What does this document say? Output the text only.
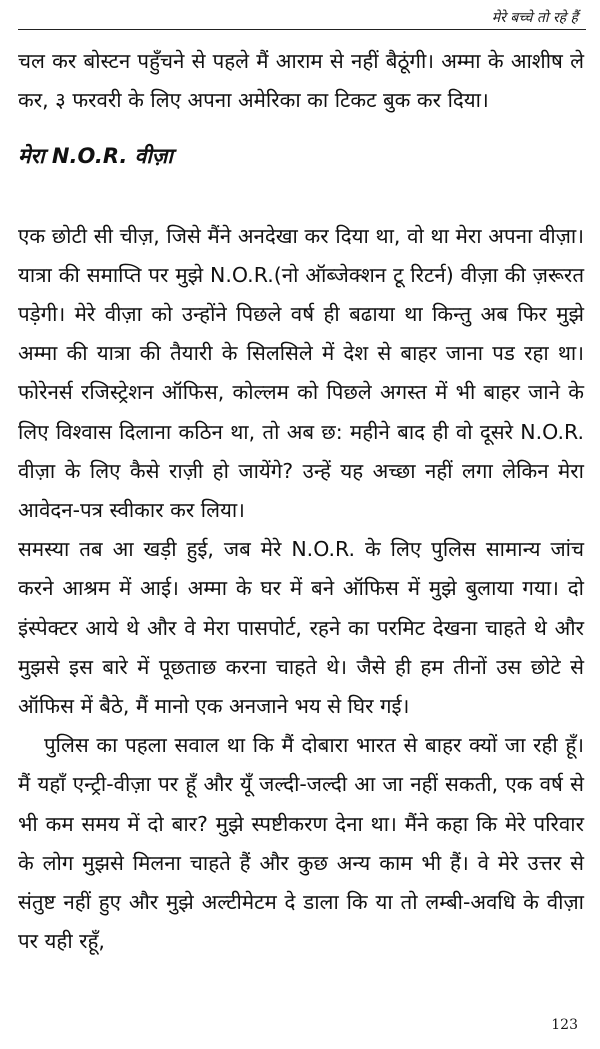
मेरे बच्चे तो रहे हैं

चल कर बोस्टन पहुँचने से पहले मैं आराम से नहीं बैठूंगी। अम्मा के आशीष ले कर, ३ फरवरी के लिए अपना अमेरिका का टिकट बुक कर दिया।

मेरा N.O.R. वीज़ा

एक छोटी सी चीज़, जिसे मैंने अनदेखा कर दिया था, वो था मेरा अपना वीज़ा। यात्रा की समाप्ति पर मुझे N.O.R.(नो ऑब्जेक्शन टू रिटर्न) वीज़ा की ज़रूरत पड़ेगी। मेरे वीज़ा को उन्होंने पिछले वर्ष ही बढाया था किन्तु अब फिर मुझे अम्मा की यात्रा की तैयारी के सिलसिले में देश से बाहर जाना पड रहा था। फोरेनर्स रजिस्ट्रेशन ऑफिस, कोल्लम को पिछले अगस्त में भी बाहर जाने के लिए विश्वास दिलाना कठिन था, तो अब छ: महीने बाद ही वो दूसरे N.O.R. वीज़ा के लिए कैसे राज़ी हो जायेंगे? उन्हें यह अच्छा नहीं लगा लेकिन मेरा आवेदन-पत्र स्वीकार कर लिया।

समस्या तब आ खड़ी हुई, जब मेरे N.O.R. के लिए पुलिस सामान्य जांच करने आश्रम में आई। अम्मा के घर में बने ऑफिस में मुझे बुलाया गया। दो इंस्पेक्टर आये थे और वे मेरा पासपोर्ट, रहने का परमिट देखना चाहते थे और मुझसे इस बारे में पूछताछ करना चाहते थे। जैसे ही हम तीनों उस छोटे से ऑफिस में बैठे, मैं मानो एक अनजाने भय से घिर गई।

पुलिस का पहला सवाल था कि मैं दोबारा भारत से बाहर क्यों जा रही हूँ। मैं यहाँ एन्ट्री-वीज़ा पर हूँ और यूँ जल्दी-जल्दी आ जा नहीं सकती, एक वर्ष से भी कम समय में दो बार? मुझे स्पष्टीकरण देना था। मैंने कहा कि मेरे परिवार के लोग मुझसे मिलना चाहते हैं और कुछ अन्य काम भी हैं। वे मेरे उत्तर से संतुष्ट नहीं हुए और मुझे अल्टीमेटम दे डाला कि या तो लम्बी-अवधि के वीज़ा पर यही रहूँ,

123
